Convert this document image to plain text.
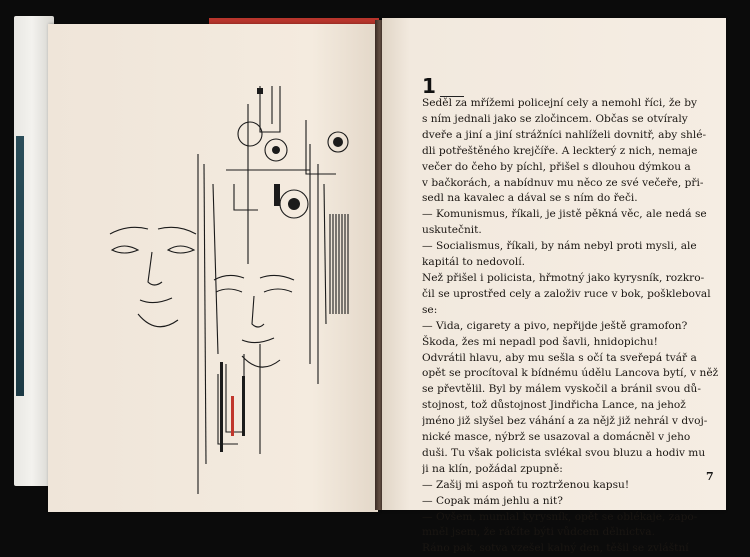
1
Seděl za mřížemi policejní cely a nemohl říci, že by
s ním jednali jako se zločincem. Občas se otvíraly
dveře a jiní a jiní strážníci nahlíželi dovnitř, aby shlé-
dli potřeštěného krejčíře. A leckterý z nich, nemaje
večer do čeho by píchl, přišel s dlouhou dýmkou a
v bačkorách, a nabídnuv mu něco ze své večeře, při-
sedl na kavalec a dával se s ním do řeči.
— Komunismus, říkali, je jistě pěkná věc, ale nedá se
uskutečnit.
— Socialismus, říkali, by nám nebyl proti mysli, ale
kapitál to nedovolí.
Než přišel i policista, hřmotný jako kyrysník, rozkro-
čil se uprostřed cely a založiv ruce v bok, poškleboval
se:
— Vida, cigarety a pivo, nepřijde ještě gramofon?
Škoda, žes mi nepadl pod šavli, hnidopichu!
Odvrátil hlavu, aby mu sešla s očí ta sveřepá tvář a
opět se procítoval k bídnému údělu Lancova bytí, v něž
se převtělil. Byl by málem vyskočil a bránil svou dů-
stojnost, tož důstojnost Jindřicha Lance, na jehož
jméno již slyšel bez váhání a za nějž již nehrál v dvoj-
nické masce, nýbrž se usazoval a domácněl v jeho
duši. Tu však policista svlékal svou bluzu a hodiv mu
ji na klín, požádal zpupně:
— Zašij mi aspoň tu roztrženou kapsu!
— Copak mám jehlu a nit?
— Ovšem, mumlal kyrysník, opět se oblékaje, zapo-
mněl jsem, že ráčíte býti vůdcem dělnictva.
Ráno pak, sotva vzešel kalný den, těšil se zvláštní
7
